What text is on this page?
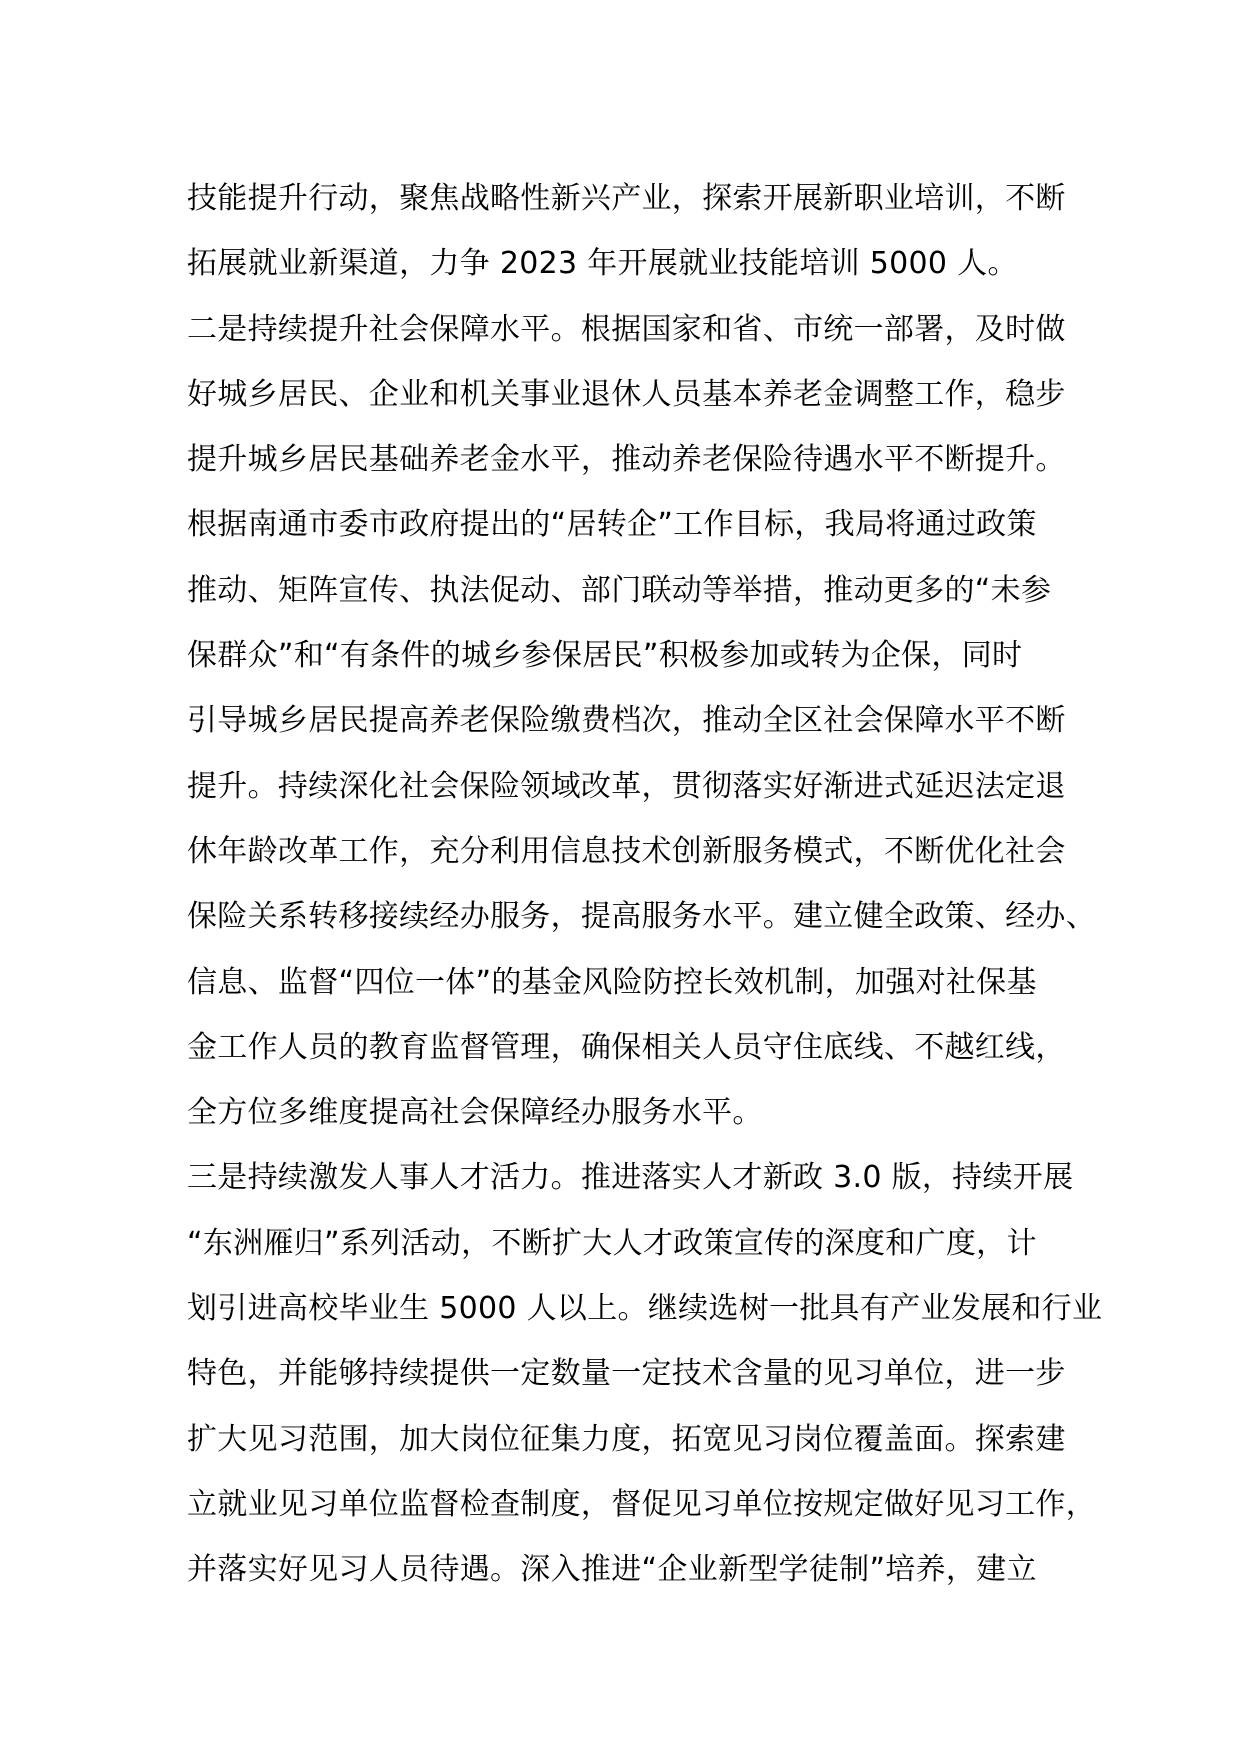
技能提升行动，聚焦战略性新兴产业，探索开展新职业培训，不断
拓展就业新渠道，力争 2023 年开展就业技能培训 5000 人。
二是持续提升社会保障水平。根据国家和省、市统一部署，及时做
好城乡居民、企业和机关事业退休人员基本养老金调整工作，稳步
提升城乡居民基础养老金水平，推动养老保险待遇水平不断提升。
根据南通市委市政府提出的“居转企”工作目标，我局将通过政策
推动、矩阵宣传、执法促动、部门联动等举措，推动更多的“未参
保群众”和“有条件的城乡参保居民”积极参加或转为企保，同时
引导城乡居民提高养老保险缴费档次，推动全区社会保障水平不断
提升。持续深化社会保险领域改革，贯彻落实好渐进式延迟法定退
休年龄改革工作，充分利用信息技术创新服务模式，不断优化社会
保险关系转移接续经办服务，提高服务水平。建立健全政策、经办、
信息、监督“四位一体”的基金风险防控长效机制，加强对社保基
金工作人员的教育监督管理，确保相关人员守住底线、不越红线，
全方位多维度提高社会保障经办服务水平。
三是持续激发人事人才活力。推进落实人才新政 3.0 版，持续开展
“东洲雁归”系列活动，不断扩大人才政策宣传的深度和广度，计
划引进高校毕业生 5000 人以上。继续选树一批具有产业发展和行业
特色，并能够持续提供一定数量一定技术含量的见习单位，进一步
扩大见习范围，加大岗位征集力度，拓宽见习岗位覆盖面。探索建
立就业见习单位监督检查制度，督促见习单位按规定做好见习工作，
并落实好见习人员待遇。深入推进“企业新型学徒制”培养，建立
